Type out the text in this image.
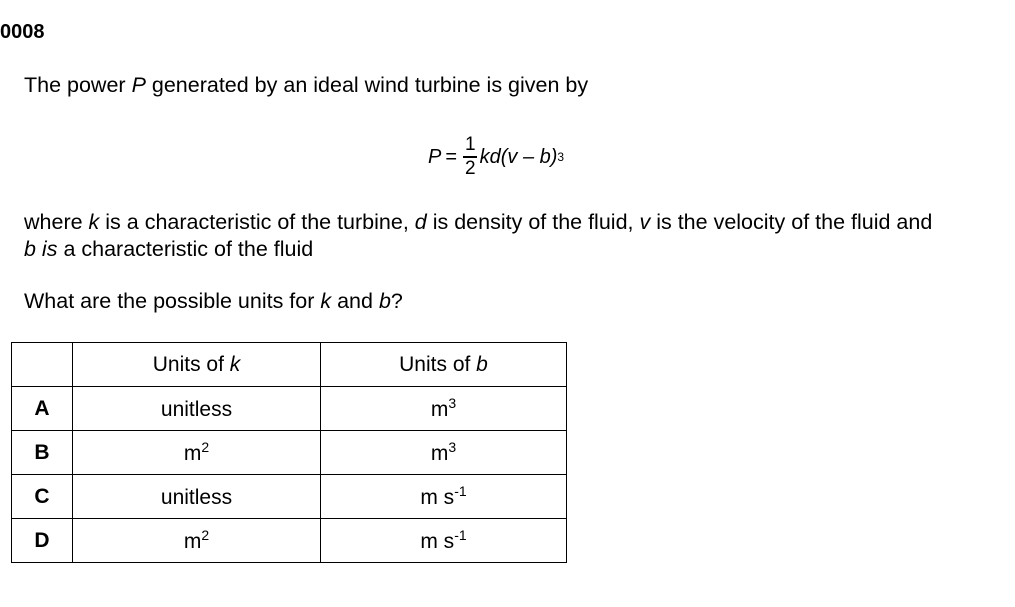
0008
The power P generated by an ideal wind turbine is given by
$P = \frac{1}{2} kd(v - b)$ 3
where k is a characteristic of the turbine, d is density of the fluid, v is the velocity of the fluid and
b is a characteristic of the fluid
What are the possible units for k and b?
	Units of k	Units of b
A	unitless	$m^3$
B	$m^2$	$m^3$
C	unitless	m $s^{-1}$
D	$m^2$	m $s^{-1}$
